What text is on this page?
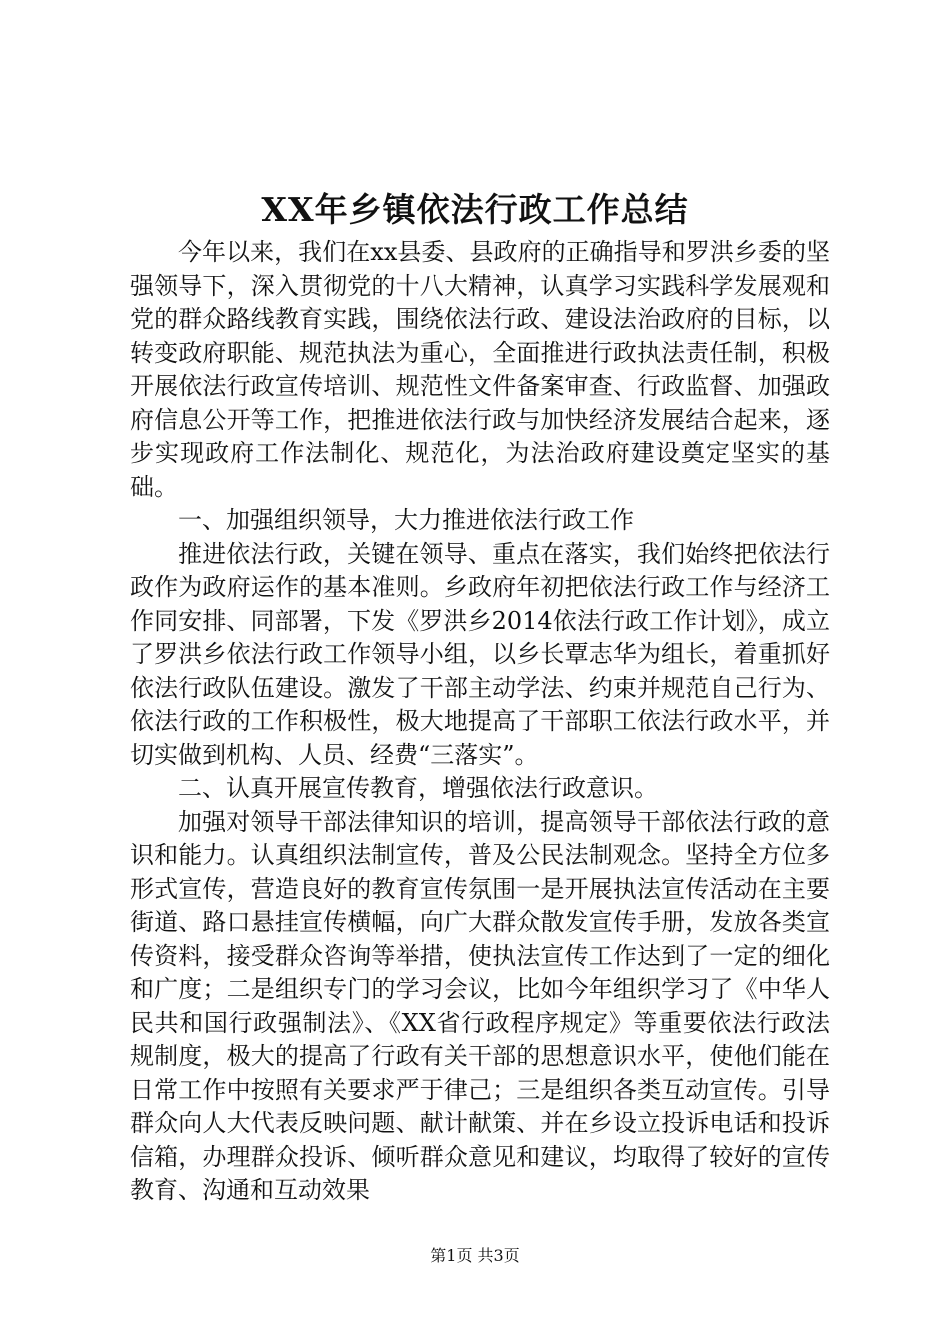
XX年乡镇依法行政工作总结

今年以来，我们在xx县委、县政府的正确指导和罗洪乡委的坚强领导下，深入贯彻党的十八大精神，认真学习实践科学发展观和党的群众路线教育实践，围绕依法行政、建设法治政府的目标，以转变政府职能、规范执法为重心，全面推进行政执法责任制，积极开展依法行政宣传培训、规范性文件备案审查、行政监督、加强政府信息公开等工作，把推进依法行政与加快经济发展结合起来，逐步实现政府工作法制化、规范化，为法治政府建设奠定坚实的基础。

一、加强组织领导，大力推进依法行政工作

推进依法行政，关键在领导、重点在落实，我们始终把依法行政作为政府运作的基本准则。乡政府年初把依法行政工作与经济工作同安排、同部署，下发《罗洪乡2014依法行政工作计划》，成立了罗洪乡依法行政工作领导小组，以乡长覃志华为组长，着重抓好依法行政队伍建设。激发了干部主动学法、约束并规范自己行为、依法行政的工作积极性，极大地提高了干部职工依法行政水平，并切实做到机构、人员、经费“三落实”。

二、认真开展宣传教育，增强依法行政意识。

加强对领导干部法律知识的培训，提高领导干部依法行政的意识和能力。认真组织法制宣传，普及公民法制观念。坚持全方位多形式宣传，营造良好的教育宣传氛围一是开展执法宣传活动在主要街道、路口悬挂宣传横幅，向广大群众散发宣传手册，发放各类宣传资料，接受群众咨询等举措，使执法宣传工作达到了一定的细化和广度；二是组织专门的学习会议，比如今年组织学习了《中华人民共和国行政强制法》、《XX省行政程序规定》等重要依法行政法规制度，极大的提高了行政有关干部的思想意识水平，使他们能在日常工作中按照有关要求严于律己；三是组织各类互动宣传。引导群众向人大代表反映问题、献计献策、并在乡设立投诉电话和投诉信箱，办理群众投诉、倾听群众意见和建议，均取得了较好的宣传教育、沟通和互动效果

第1页 共3页
